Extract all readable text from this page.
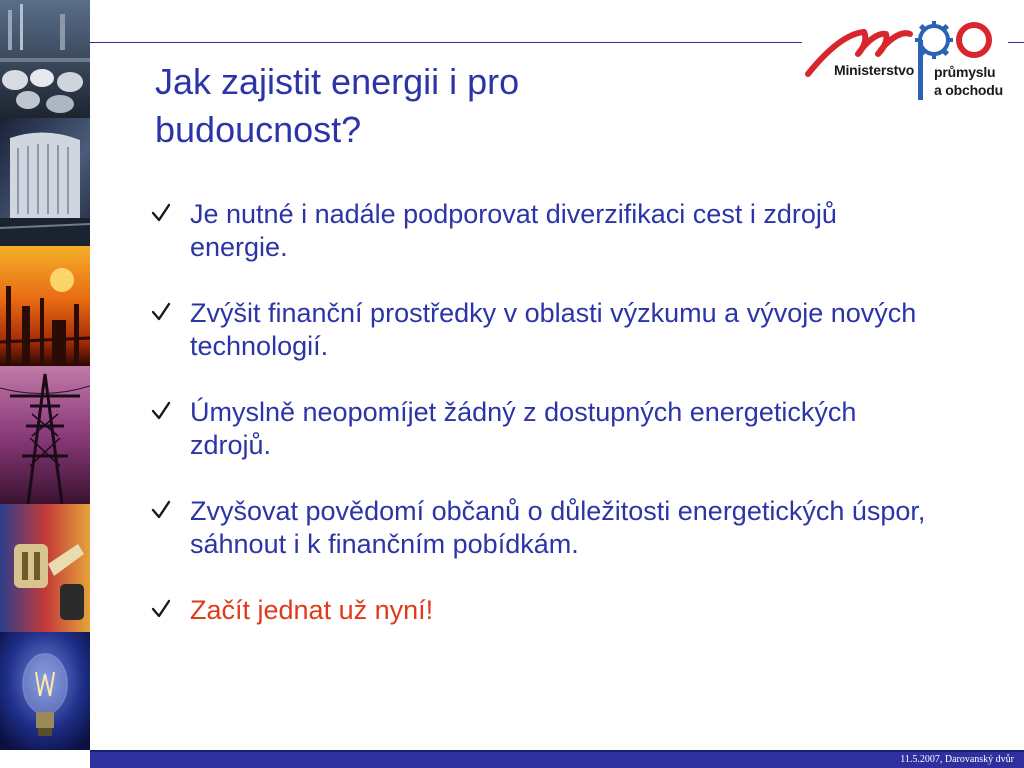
Ministerstvo průmyslu
a obchodu
Jak zajistit energii i pro budoucnost?
Je nutné i nadále podporovat diverzifikaci cest i zdrojů energie.
Zvýšit finanční prostředky v oblasti výzkumu a vývoje nových technologií.
Úmyslně neopomíjet žádný z dostupných energetických zdrojů.
Zvyšovat povědomí občanů o důležitosti energetických úspor, sáhnout i k finančním pobídkám.
Začít jednat už nyní!
11.5.2007, Darovanský dvůr
